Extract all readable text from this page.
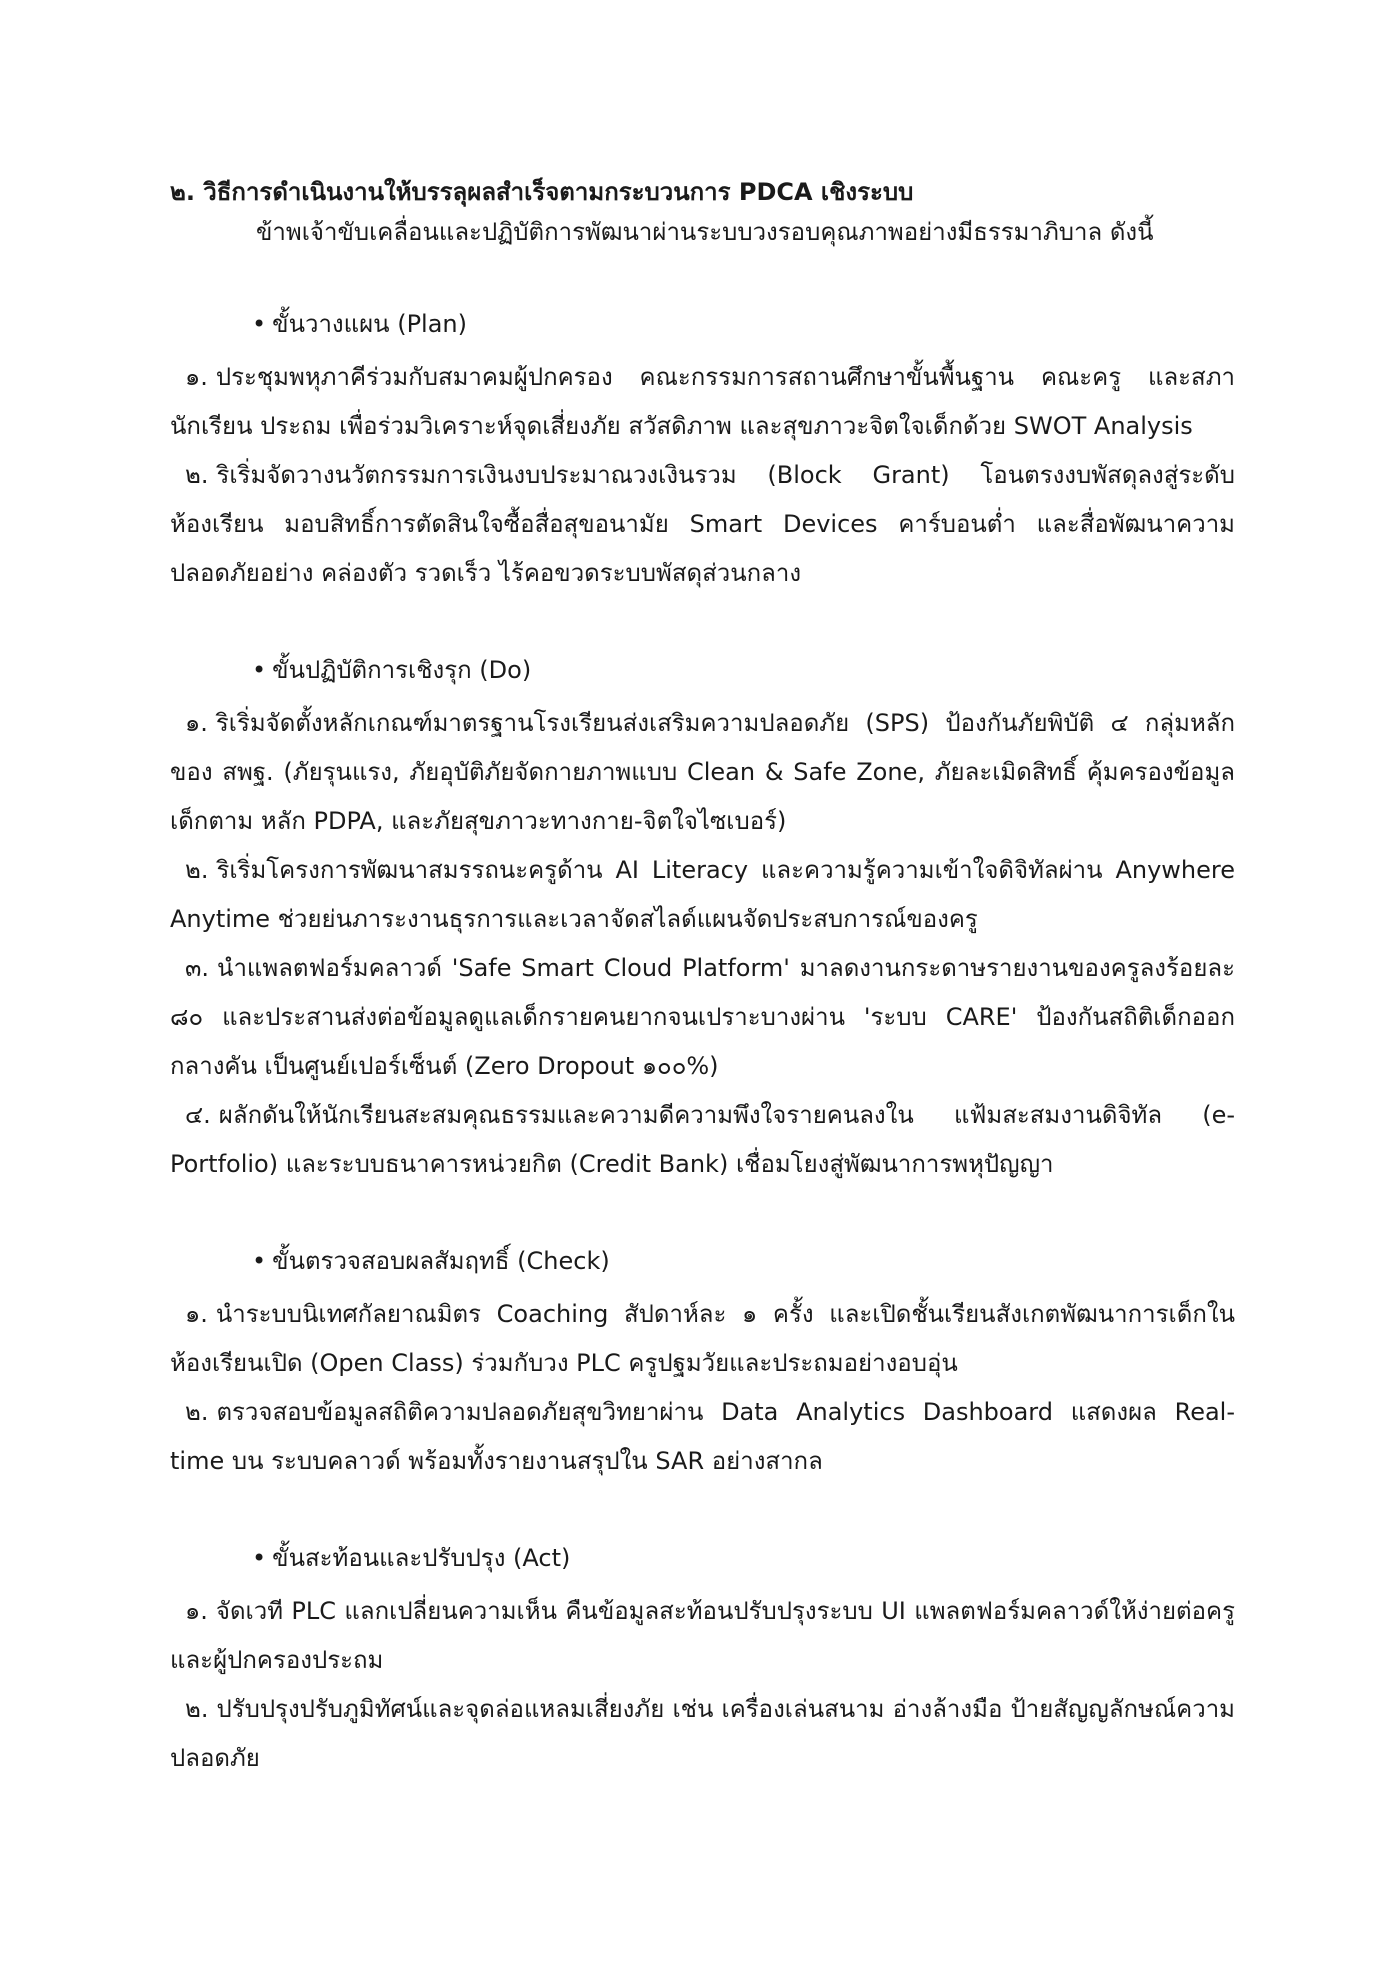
๒. วิธีการดำเนินงานให้บรรลุผลสำเร็จตามกระบวนการ PDCA เชิงระบบ
ข้าพเจ้าขับเคลื่อนและปฏิบัติการพัฒนาผ่านระบบวงรอบคุณภาพอย่างมีธรรมาภิบาล ดังนี้
• ขั้นวางแผน (Plan)
๑. ประชุมพหุภาคีร่วมกับสมาคมผู้ปกครอง คณะกรรมการสถานศึกษาขั้นพื้นฐาน คณะครู และสภานักเรียน ประถม เพื่อร่วมวิเคราะห์จุดเสี่ยงภัย สวัสดิภาพ และสุขภาวะจิตใจเด็กด้วย SWOT Analysis
๒. ริเริ่มจัดวางนวัตกรรมการเงินงบประมาณวงเงินรวม (Block Grant) โอนตรงงบพัสดุลงสู่ระดับห้องเรียน มอบสิทธิ์การตัดสินใจซื้อสื่อสุขอนามัย Smart Devices คาร์บอนต่ำ และสื่อพัฒนาความปลอดภัยอย่าง คล่องตัว รวดเร็ว ไร้คอขวดระบบพัสดุส่วนกลาง
• ขั้นปฏิบัติการเชิงรุก (Do)
๑. ริเริ่มจัดตั้งหลักเกณฑ์มาตรฐานโรงเรียนส่งเสริมความปลอดภัย (SPS) ป้องกันภัยพิบัติ ๔ กลุ่มหลักของ สพฐ. (ภัยรุนแรง, ภัยอุบัติภัยจัดกายภาพแบบ Clean & Safe Zone, ภัยละเมิดสิทธิ์ คุ้มครองข้อมูลเด็กตาม หลัก PDPA, และภัยสุขภาวะทางกาย-จิตใจไซเบอร์)
๒. ริเริ่มโครงการพัฒนาสมรรถนะครูด้าน AI Literacy และความรู้ความเข้าใจดิจิทัลผ่าน Anywhere Anytime ช่วยย่นภาระงานธุรการและเวลาจัดสไลด์แผนจัดประสบการณ์ของครู
๓. นำแพลตฟอร์มคลาวด์ 'Safe Smart Cloud Platform' มาลดงานกระดาษรายงานของครูลงร้อยละ ๘๐ และประสานส่งต่อข้อมูลดูแลเด็กรายคนยากจนเปราะบางผ่าน 'ระบบ CARE' ป้องกันสถิติเด็กออกกลางคัน เป็นศูนย์เปอร์เซ็นต์ (Zero Dropout ๑๐๐%)
๔. ผลักดันให้นักเรียนสะสมคุณธรรมและความดีความพึงใจรายคนลงใน แฟ้มสะสมงานดิจิทัล (e-Portfolio) และระบบธนาคารหน่วยกิต (Credit Bank) เชื่อมโยงสู่พัฒนาการพหุปัญญา
• ขั้นตรวจสอบผลสัมฤทธิ์ (Check)
๑. นำระบบนิเทศกัลยาณมิตร Coaching สัปดาห์ละ ๑ ครั้ง และเปิดชั้นเรียนสังเกตพัฒนาการเด็กใน ห้องเรียนเปิด (Open Class) ร่วมกับวง PLC ครูปฐมวัยและประถมอย่างอบอุ่น
๒. ตรวจสอบข้อมูลสถิติความปลอดภัยสุขวิทยาผ่าน Data Analytics Dashboard แสดงผล Real-time บน ระบบคลาวด์ พร้อมทั้งรายงานสรุปใน SAR อย่างสากล
• ขั้นสะท้อนและปรับปรุง (Act)
๑. จัดเวที PLC แลกเปลี่ยนความเห็น คืนข้อมูลสะท้อนปรับปรุงระบบ UI แพลตฟอร์มคลาวด์ให้ง่ายต่อครู และผู้ปกครองประถม
๒. ปรับปรุงปรับภูมิทัศน์และจุดล่อแหลมเสี่ยงภัย เช่น เครื่องเล่นสนาม อ่างล้างมือ ป้ายสัญญลักษณ์ความ ปลอดภัย
